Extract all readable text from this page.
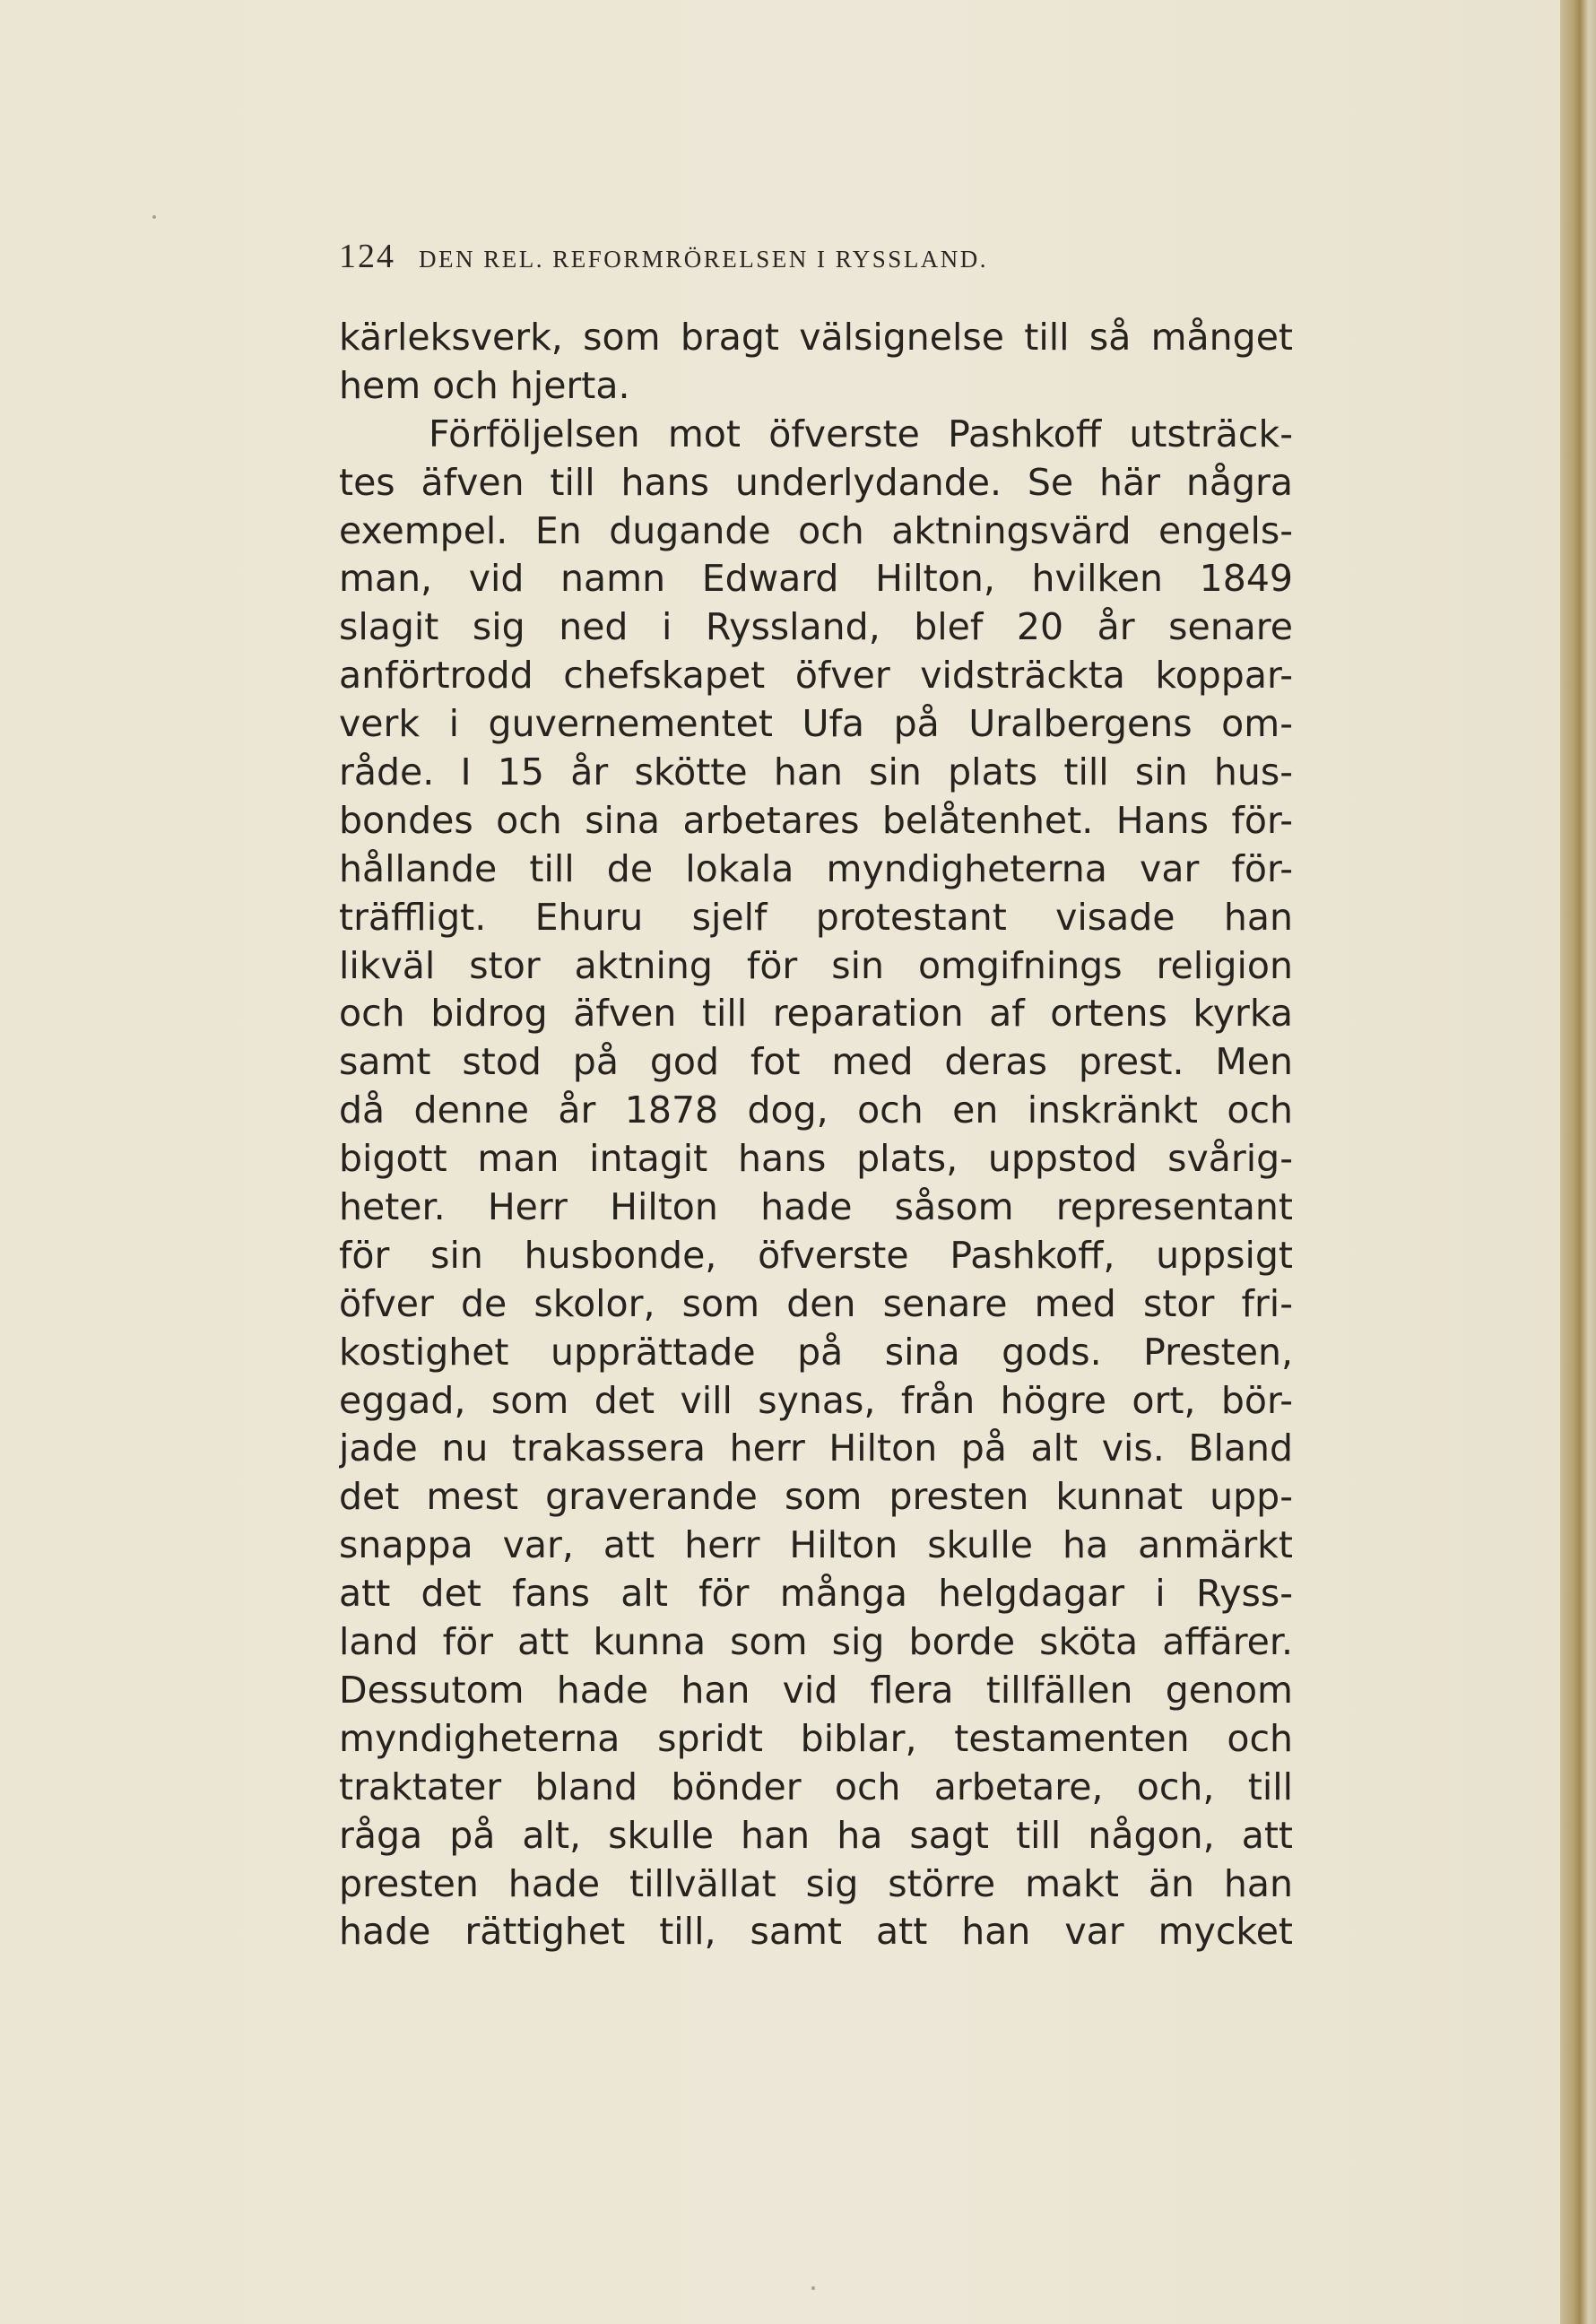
124 DEN REL. REFORMRÖRELSEN I RYSSLAND.
kärleksverk, som bragt välsignelse till så månget
hem och hjerta.
Förföljelsen mot öfverste Pashkoff utsträck-
tes äfven till hans underlydande. Se här några
exempel. En dugande och aktningsvärd engels-
man, vid namn Edward Hilton, hvilken 1849
slagit sig ned i Ryssland, blef 20 år senare
anförtrodd chefskapet öfver vidsträckta koppar-
verk i guvernementet Ufa på Uralbergens om-
råde. I 15 år skötte han sin plats till sin hus-
bondes och sina arbetares belåtenhet. Hans för-
hållande till de lokala myndigheterna var för-
träffligt. Ehuru sjelf protestant visade han
likväl stor aktning för sin omgifnings religion
och bidrog äfven till reparation af ortens kyrka
samt stod på god fot med deras prest. Men
då denne år 1878 dog, och en inskränkt och
bigott man intagit hans plats, uppstod svårig-
heter. Herr Hilton hade såsom representant
för sin husbonde, öfverste Pashkoff, uppsigt
öfver de skolor, som den senare med stor fri-
kostighet upprättade på sina gods. Presten,
eggad, som det vill synas, från högre ort, bör-
jade nu trakassera herr Hilton på alt vis. Bland
det mest graverande som presten kunnat upp-
snappa var, att herr Hilton skulle ha anmärkt
att det fans alt för många helgdagar i Ryss-
land för att kunna som sig borde sköta affärer.
Dessutom hade han vid flera tillfällen genom
myndigheterna spridt biblar, testamenten och
traktater bland bönder och arbetare, och, till
råga på alt, skulle han ha sagt till någon, att
presten hade tillvällat sig större makt än han
hade rättighet till, samt att han var mycket
